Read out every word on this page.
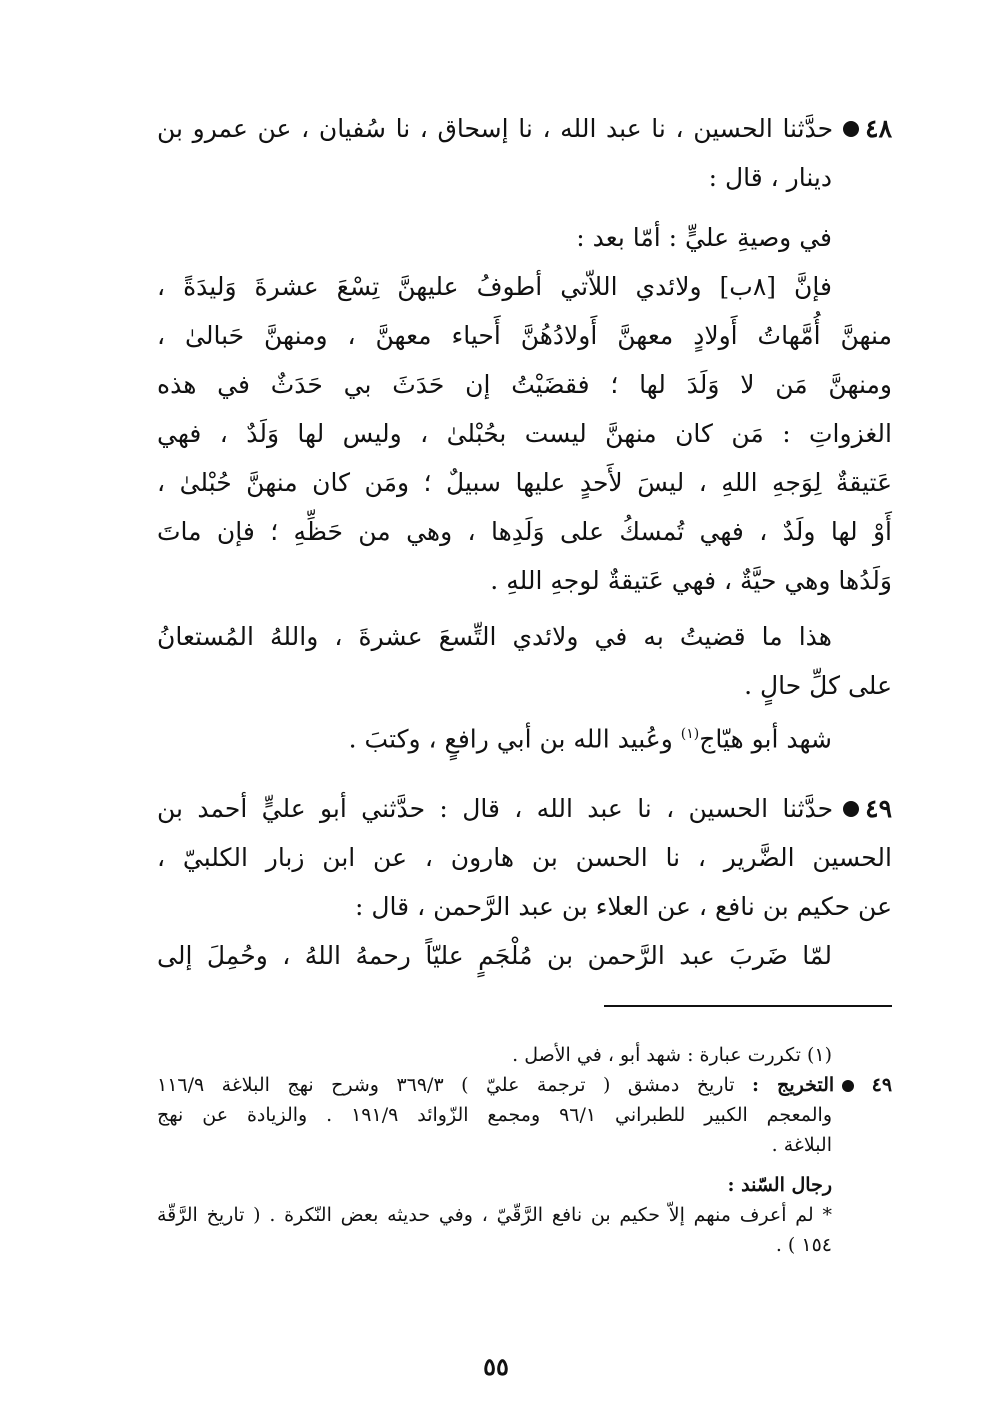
٤٨حدَّثنا الحسين ، نا عبد الله ، نا إسحاق ، نا سُفيان ، عن عمرو بن
دينار ، قال :
في وصيةِ عليٍّ : أمّا بعد :
فإنَّ [٨ب] ولائدي اللاّتي أطوفُ عليهنَّ تِسْعَ عشرةَ وَليدَةً ،
منهنَّ أُمَّهاتُ أَولادٍ معهنَّ أَولادُهُنَّ أَحياء معهنَّ ، ومنهنَّ حَبالىٰ ،
ومنهنَّ مَن لا وَلَدَ لها ؛ فقضَيْتُ إن حَدَثَ بي حَدَثٌ في هذه
الغزواتِ : مَن كان منهنَّ ليست بحُبْلىٰ ، وليس لها وَلَدٌ ، فهي
عَتيقةٌ لِوَجهِ اللهِ ، ليسَ لأَحدٍ عليها سبيلٌ ؛ ومَن كان منهنَّ حُبْلىٰ ،
أَوْ لها ولَدٌ ، فهي تُمسكُ على وَلَدِها ، وهي من حَظِّهِ ؛ فإن ماتَ
وَلَدُها وهي حيَّةٌ ، فهي عَتيقةٌ لوجهِ اللهِ .
هذا ما قضيتُ به في ولائدي التِّسعَ عشرةَ ، واللهُ المُستعانُ
على كلِّ حالٍ .
شهد أبو هيّاج$^{(١)}$ وعُبيد الله بن أبي رافعٍ ، وكتبَ .
٤٩حدَّثنا الحسين ، نا عبد الله ، قال : حدَّثني أبو عليٍّ أحمد بن
الحسين الضَّرير ، نا الحسن بن هارون ، عن ابن زبار الكلبيّ ،
عن حكيم بن نافع ، عن العلاء بن عبد الرَّحمن ، قال :
لمّا ضَربَ عبد الرَّحمن بن مُلْجَمٍ عليّاً رحمهُ اللهُ ، وحُمِلَ إلى
(١) تكررت عبارة : شهد أبو ، في الأصل .
٤٩ التخريج : تاريخ دمشق ( ترجمة عليّ ) ٣٦٩/٣ وشرح نهج البلاغة ١١٦/٩
والمعجم الكبير للطبراني ٩٦/١ ومجمع الزّوائد ١٩١/٩ . والزيادة عن نهج
البلاغة .
رجال السّند :
* لم أعرف منهم إلاّ حكيم بن نافع الرَّقّيّ ، وفي حديثه بعض النّكرة . ( تاريخ الرَّقّة
١٥٤ ) .
٥٥
